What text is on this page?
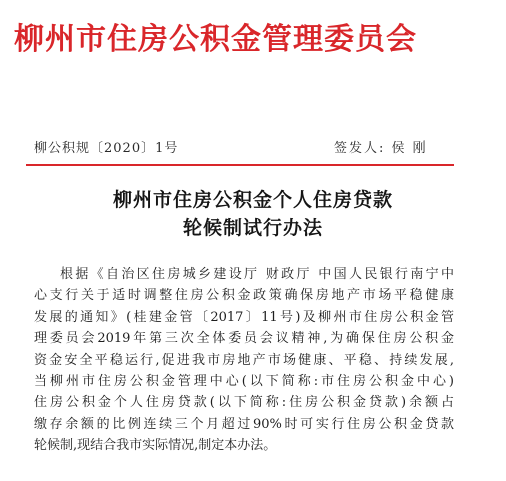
柳州市住房公积金管理委员会
柳公积规〔2020〕1号	签发人: 侯 刚
柳州市住房公积金个人住房贷款
轮候制试行办法
根据《自治区住房城乡建设厅 财政厅 中国人民银行南宁中
心支行关于适时调整住房公积金政策确保房地产市场平稳健康
发展的通知》(桂建金管〔2017〕11号)及柳州市住房公积金管
理委员会2019年第三次全体委员会议精神,为确保住房公积金
资金安全平稳运行,促进我市房地产市场健康、平稳、持续发展,
当柳州市住房公积金管理中心(以下简称:市住房公积金中心)
住房公积金个人住房贷款(以下简称:住房公积金贷款)余额占
缴存余额的比例连续三个月超过90%时可实行住房公积金贷款
轮候制,现结合我市实际情况,制定本办法。
